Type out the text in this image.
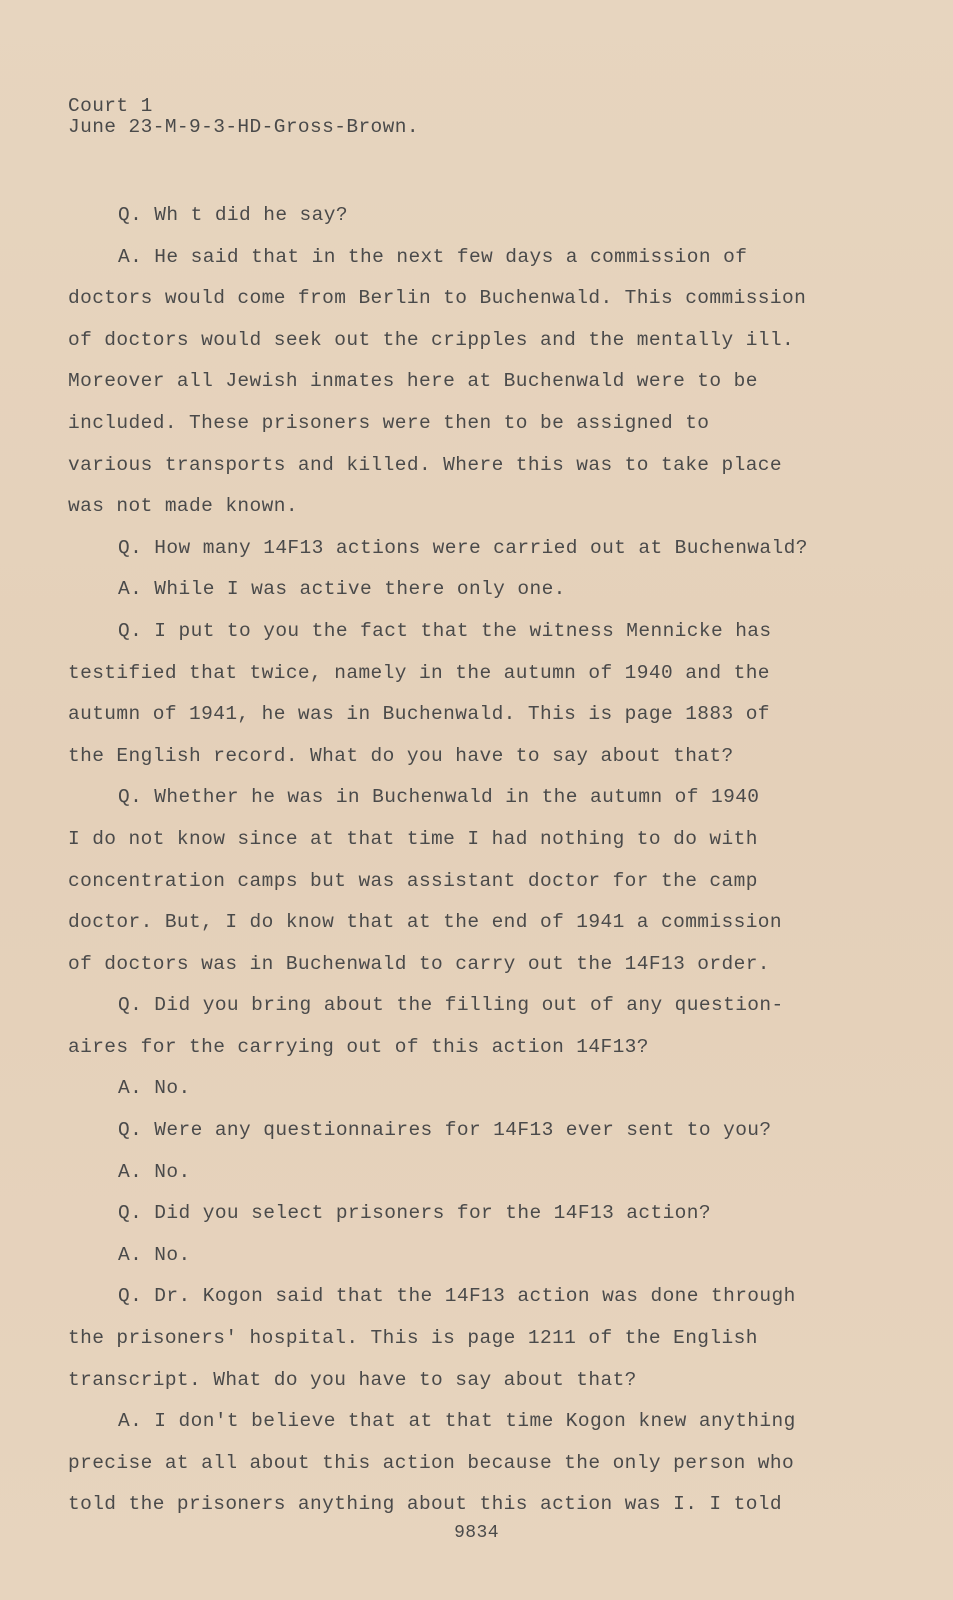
Court 1
June 23-M-9-3-HD-Gross-Brown.
Q. Wh t did he say?
A. He said that in the next few days a commission of
doctors would come from Berlin to Buchenwald. This commission
of doctors would seek out the cripples and the mentally ill.
Moreover all Jewish inmates here at Buchenwald were to be
included. These prisoners were then to be assigned to
various transports and killed. Where this was to take place
was not made known.
Q. How many 14F13 actions were carried out at Buchenwald?
A. While I was active there only one.
Q. I put to you the fact that the witness Mennicke has
testified that twice, namely in the autumn of 1940 and the
autumn of 1941, he was in Buchenwald. This is page 1883 of
the English record. What do you have to say about that?
Q. Whether he was in Buchenwald in the autumn of 1940
I do not know since at that time I had nothing to do with
concentration camps but was assistant doctor for the camp
doctor. But, I do know that at the end of 1941 a commission
of doctors was in Buchenwald to carry out the 14F13 order.
Q. Did you bring about the filling out of any question-
aires for the carrying out of this action 14F13?
A. No.
Q. Were any questionnaires for 14F13 ever sent to you?
A. No.
Q. Did you select prisoners for the 14F13 action?
A. No.
Q. Dr. Kogon said that the 14F13 action was done through
the prisoners' hospital. This is page 1211 of the English
transcript. What do you have to say about that?
A. I don't believe that at that time Kogon knew anything
precise at all about this action because the only person who
told the prisoners anything about this action was I. I told
9834
